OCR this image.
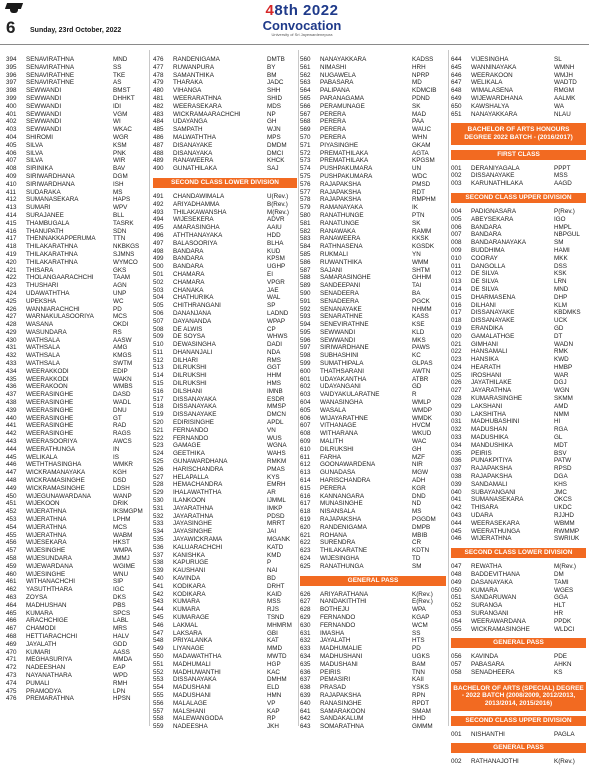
6 Sunday, 23rd October, 2022
48th 2022
Convocation
University of Sri Jayewardenepura
394	SENAVIRATHNA	MND
395	SENAVIRATHNA	SS
396	SENAVIRATHNE	TKE
397	SENAVIRATHNE	AS
398	SEWWANDI	BMST
399	SEWWANDI	DHHKT
400	SEWWANDI	IDI
401	SEWWANDI	VGM
402	SEWWANDI	WI
403	SEWWANDI	WKAC
404	SHIROMI	WGR
405	SILVA	KSM
406	SILVA	PNK
407	SILVA	WIR
408	SIRINIKA	BAV
409	SIRIWARDHANA	DGM
410	SIRIWARDHANA	ISH
411	SUDARAKA	MS
412	SUMANASEKARA	HAPS
413	SUMARI	WPV
414	SURAJANEE	BLL
415	THAMBUGALA	TASRK
416	THANUPATH	SDN
417	THENNAKKAPPERUMA	TTN
418	THILAKARATHNA	NKBKGS
419	THILAKARATHNA	SJMNS
420	THILAKARATHNA	WYMCO
421	THISARA	GKS
422	THOLANGAARACHCHI	TAAM
423	THUSHARI	AGN
424	UDAWATHTHA	UNP
425	UPEKSHA	WC
426	WANNIARACHCHI	PD
427	WARNAKULASOORIYA	MCS
428	WASANA	OKDI
429	WASUNDARA	RS
430	WATHSALA	AASW
431	WATHSALA	AMG
432	WATHSALA	KMGS
433	WATHSALA	SWTM
434	WEERAKKODI	EDIP
435	WEERAKKODI	WAKN
436	WEERAKOON	WMBS
437	WEERASINGHE	DASD
438	WEERASINGHE	WADL
439	WEERASINGHE	DNU
440	WEERASINGHE	GT
441	WEERASINGHE	RAD
442	WEERASINGHE	RAGS
443	WEERASOORIYA	AWCS
444	WEERATHUNGA	IN
445	WELIKALA	IS
446	WETHTHASINGHA	WMKR
447	WICKRAMANAYAKA	KGH
448	WICKRAMASINGHE	DSD
449	WICKRAMASINGHE	LDSH
450	WIJEGUNAWARDANA	WANP
451	WIJEKOON	DRIK
452	WIJERATHNA	IKSMGPM
453	WIJERATHNA	LPHM
454	WIJERATHNA	MCS
455	WIJERATHNA	WABM
456	WIJESEKARA	HKST
457	WIJESINGHE	WMPA
458	WIJESUNDARA	JMMJ
459	WIJEWARDANA	WGIME
460	WIJESINGHE	WNU
461	WITHANACHCHI	SIP
462	YASUTHTHARA	IGC
463	ZOYSA	DKS
464	MADHUSHAN	PBS
465	KUMARA	SPCS
466	ARACHCHIGE	LABL
467	CHAMODI	MRS
468	HETTIARACHCHI	HALV
469	JAYALATH	GDD
470	KUMARI	AASS
471	MEGHASURIYA	MMDA
472	NADEESHAN	EAP
473	NAYANATHARA	WPD
474	PUMALI	RMH
475	PRAMODYA	LPN
476	PREMARATHNA	HPSN
476	RANDENIGAMA	DMTB
477	RUWANPURA	BY
478	SAMANTHIKA	BM
479	THARAKA	JADC
480	VIHANGA	SHH
481	WEERARATHNA	SHID
482	WEERASEKARA	MDS
483	WICKRAMAARACHCHI	NP
484	UDAYANGA	GH
485	SAMPATH	WJN
486	MALWATHTHA	MPS
487	DISANAYAKE	DMDM
488	DISANAYAKA	DMCI
489	RANAWEERA	KHCK
490	GUNATHILAKA	SAJ
SECOND CLASS LOWER DIVISION
491	CHANDAWIMALA	U(Rev.)
492	ARIYADHAMMA	B(Rev.)
493	THILAKAWANSHA	M(Rev.)
494	WIJESEKERA	ADVR
495	AMARASINGHA	AAIU
496	ATHTHANAYAKA	HDD
497	BALASOORIYA	BLHA
498	BANDARA	KUD
499	BANDARA	KPSM
500	BANDARA	UGHP
501	CHAMARA	EI
502	CHAMARA	VPGR
503	CHANAKA	JAE
504	CHATHURIKA	WAL
505	CHITHRANGANI	SP
506	DANANJANA	LADND
507	DAYANANDA	WPAP
508	DE ALWIS	CP
509	DE SOYSA	WHWS
510	DEWASINGHA	DADI
511	DHANANJALI	NDA
512	DILHARI	RMS
513	DILRUKSHI	GGT
514	DILRUKSHI	HHM
515	DILRUKSHI	HMS
516	DILSHANI	IMNB
517	DISSANAYAKA	ESDR
518	DISSANAYAKA	MMSP
519	DISSANAYAKE	DMCN
520	EDIRISINGHE	APDL
521	FERNANDO	VN
522	FERNANDO	WUS
523	GAMAGE	WGNA
524	GEETHIKA	WAHS
525	GUNAWARDHANA	RMKM
526	HARISCHANDRA	PMAS
527	HELAPALLA	KYS
528	HEMACHANDRA	EMRH
529	IHALAWATHTHA	AR
530	ILANKOON	IJMML
531	JAYARATHNA	IMKP
532	JAYARATHNA	PDSD
533	JAYASINGHE	MRRT
534	JAYASINGHE	JAI
535	JAYAWICKRAMA	MGANK
536	KALUARACHCHI	KATD
537	KANISHKA	KMD
538	KAPURUGE	P
539	KAUSHANI	NAI
540	KAVINDA	BD
541	KODIKARA	DRHT
542	KODIKARA	KAID
543	KUMARA	MSS
544	KUMARA	RJS
545	KUMARAGE	TSND
546	LAKMAL	MHMRM
547	LAKSARA	GBI
548	PRIYALANKA	KAT
549	LIYANAGE	MMD
550	MADAWATHTHA	MWTD
551	MADHUMALI	HGP
552	MADHUWANTHI	KAC
553	DISSANAYAKA	DMHM
554	MADUSHANI	ELD
555	MADUSHANI	HMN
556	MALALAGE	VP
557	MALSHANI	KAP
558	MALEWANGODA	RP
559	NADEESHA	JKH
560	NANAYAKKARA	KADSS
561	NIMASHI	HRH
562	NUGAWELA	NPRP
563	PABASARA	MD
564	PALIPANA	KDMCIB
565	PARANAGAMA	PDND
566	PERAMUNAGE	SK
567	PERERA	MAD
568	PERERA	PAA
569	PERERA	WAUC
570	PERERA	WHN
571	PIYASINGHE	GKAM
572	PREMATHILAKA	AGTA
573	PREMATHILAKA	KPGSM
574	PUSHPAKUMARA	UN
575	PUSHPAKUMARA	WDC
576	RAJAPAKSHA	PMSD
577	RAJAPAKSHA	RDT
578	RAJAPAKSHA	RMPHM
579	RAMANAYAKA	IK
580	RANATHUNGE	PTN
581	RANATUNGE	SK
582	RANAWAKA	RAMM
583	RANAWEERA	KKSK
584	RATHNASENA	KGSDK
585	RUKMALI	YN
586	RUWANTHIKA	WMM
587	SAJANI	SHTM
588	SAMARASINGHE	GHHM
589	SANDEEPANI	TAI
590	SENADEERA	BA
591	SENADEERA	PGCK
592	SENANAYAKE	NHMM
593	SENARATHNE	KASS
594	SENEVIRATHNE	KSE
595	SEWWANDI	KLD
596	SEWWANDI	MKS
597	SIRIWARDHANE	PAWS
598	SUBHASHINI	KC
599	SUMATHIPALA	GLPAS
600	THATHSARANI	AWTN
601	UDAYAKANTHA	ATBR
602	UDAYANGANI	GD
603	VAIDYAKULARATNE	R
604	WANASINGHA	WMLP
605	WASALA	WMDP
606	WIJAYARATHNE	WMDK
607	VITHANAGE	HVCM
608	WITHARANA	WKUD
609	MALITH	WAC
610	DILRUKSHI	GH
611	FARHA	MZF
612	GOONAWARDENA	NIR
613	GUNADASA	MGW
614	HARISCHANDRA	ADH
615	PERERA	KGR
616	KANNANGARA	DND
617	MUNASINGHE	ND
618	NISANSALA	MS
619	RAJAPAKSHA	PGGDM
620	RANDENIGAMA	DMPB
621	ROHANA	MBIB
622	SURENDRA	CR
623	THILAKARATNE	KDTN
624	WIJESINGHA	TD
625	RANATHUNGA	SM
GENERAL PASS
626	ARIYARATHANA	K(Rev.)
627	NANDAKITHTHI	E(Rev.)
628	BOTHEJU	WPA
629	FERNANDO	KGAP
630	FERNANDO	WCM
631	IMASHA	SS
632	JAYALATH	HTS
633	MADHUMALIE	PD
634	MADHUSHANI	UGKS
635	MADUSHANI	BAM
636	PEIRIS	TNN
637	PEMASIRI	KAII
638	PRASAD	YSKS
639	RAJAPAKSHA	RPN
640	RANASINGHE	RPDT
641	SAMARAKOON	SMAM
642	SANDAKALUM	HHD
643	SOMARATHNA	GMMM
644	VIJESINGHA	SL
645	WANNINAYAKA	WMNH
646	WEERAKOON	WMJH
647	WELIKALA	WADTD
648	WIMALASENA	RMGM
649	WIJEWARDHANA	AALMK
650	KAWSHALYA	WA
651	NANAYAKKARA	NLAU
BACHELOR OF ARTS HONOURS DEGREE 2022 BATCH - (2016/2017)
FIRST CLASS
001	DERANIYAGALA	PPPT
002	DISSANAYAKE	MSS
003	KARUNATHILAKA	AAGD
SECOND CLASS UPPER DIVISION
004	PADIGNASARA	P(Rev.)
005	ABEYSEKARA	IGO
006	BANDARA	HMPL
007	BANDARA	NBPGUL
008	BANDARANAYAKA	SM
009	BUDDHIMA	HAMI
010	COORAY	MKK
011	DANGOLLA	DSS
012	DE SILVA	KSK
013	DE SILVA	LRN
014	DE SILVA	MND
015	DHARMASENA	DHP
016	DILHANI	KLM
017	DISSANAYAKE	KBDMKS
018	DISSANAYAKE	UCK
019	ERANDIKA	GD
020	GAMALATHGE	DT
021	GIMHANI	WADN
022	HANSAMALI	RMK
023	HANSIKA	KWD
024	HEARATH	HMBP
025	IROSHANI	WAR
026	JAYATHILAKE	DGJ
027	JAYARATHNA	WGN
028	KUMARASINGHE	SKMM
029	LAKSHANI	AMD
030	LAKSHITHA	NMM
031	MADHUBASHINI	HI
032	MADUSHAN	RGA
033	MADUSHIKA	GL
034	MANDUSHIKA	MDT
035	PEIRIS	BSV
036	PUNAKPITIYA	PATW
037	RAJAPAKSHA	RPSD
038	RAJAPAKSHA	DGA
039	SANDAMALI	KHS
040	SUBAYANGANI	JMC
041	SUMANASEKARA	OKCS
042	THISARA	UKDC
043	UDARA	RJJHD
044	WEERASEKARA	WBMM
045	WEERATHUNGA	RWMMP
046	WIJERATHNA	SWRIUK
SECOND CLASS LOWER DIVISION
047	REWATHA	M(Rev.)
048	BADDEVITHANA	DM
049	DASANAYAKA	TAMI
050	KUMARA	WGES
051	SANDARUWAN	GGA
052	SURANGA	HLT
053	SURANGANI	HR
054	WEERAWARDANA	PPDK
055	WICKRAMASINGHE	WLDCI
GENERAL PASS
056	KAVINDA	PDE
057	PABASARA	AHKN
058	SENADHEERA	KS
BACHELOR OF ARTS (SPECIAL) DEGREE - 2022 BATCH (2008/2009, 2012/2013, 2013/2014, 2015/2016)
SECOND CLASS UPPER DIVISION
001	NISHANTHI	PAGLA
GENERAL PASS
002	RATHANAJOTHI	K(Rev.)
